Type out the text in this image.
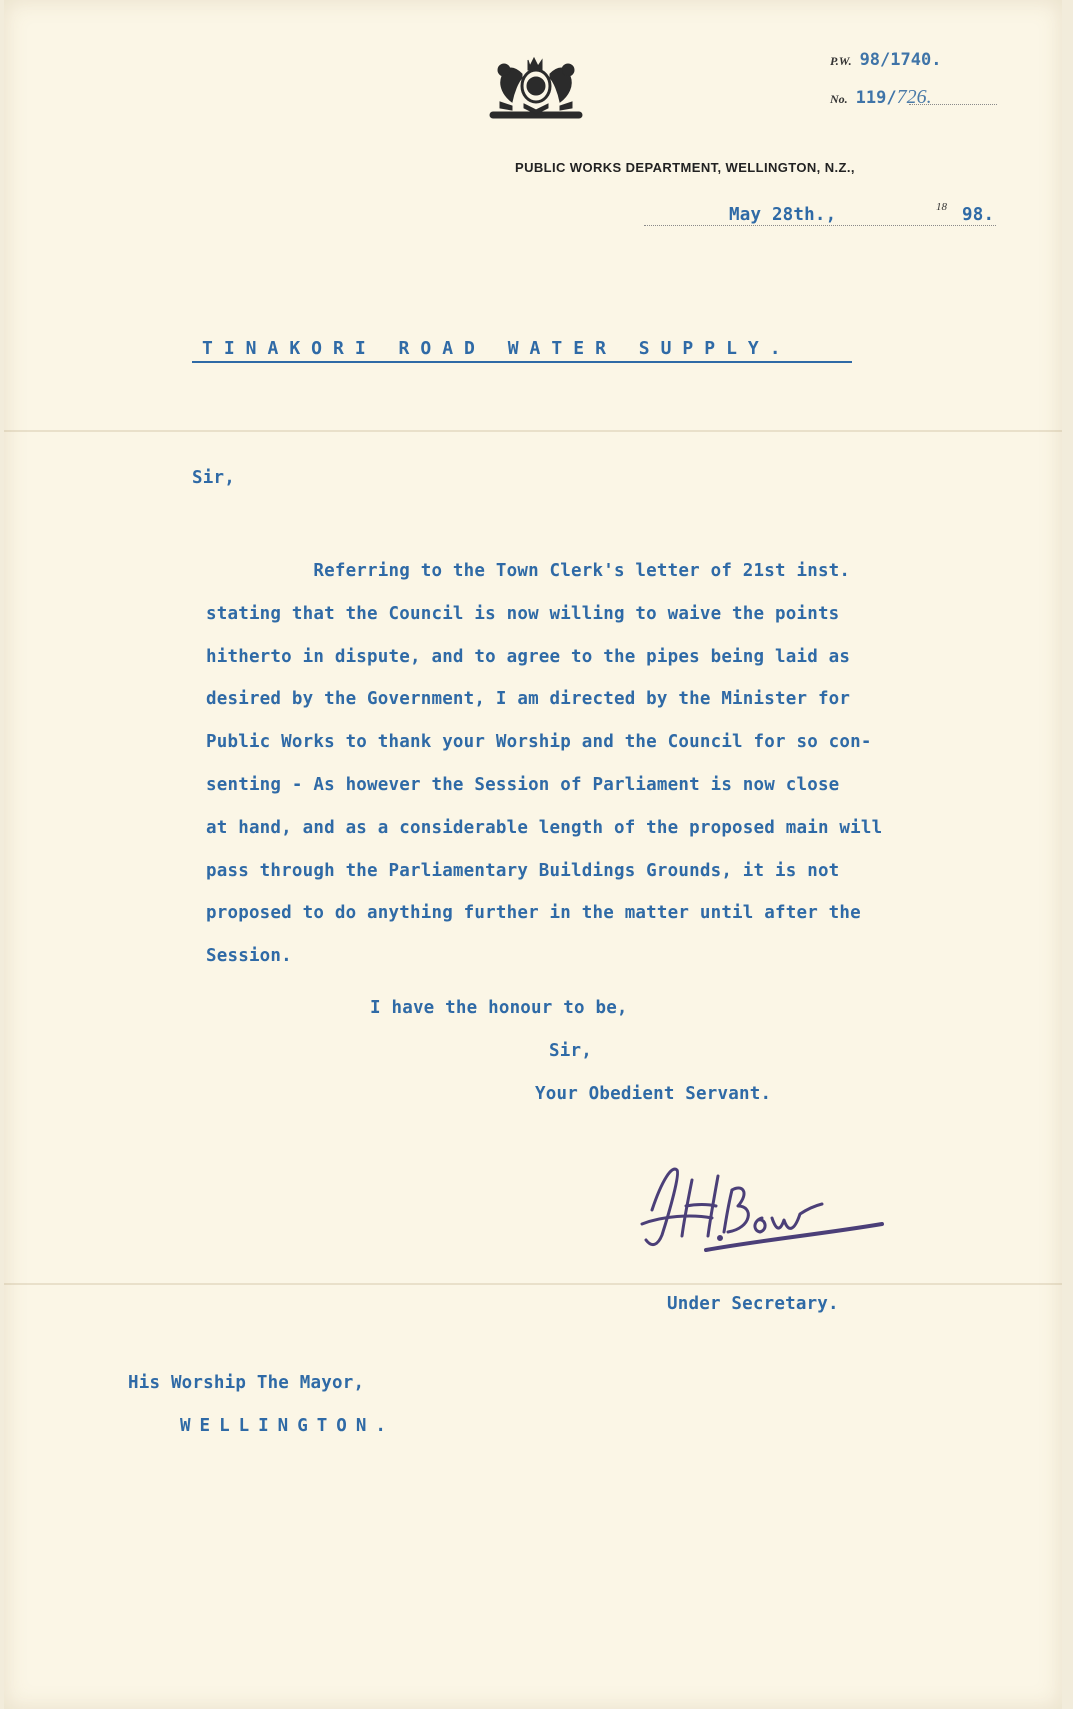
P.W. 98/1740.
No. 119/726.
PUBLIC WORKS DEPARTMENT, WELLINGTON, N.Z.,
May 28th.,	18 98.
TINAKORI ROAD WATER SUPPLY.
Sir,
Referring to the Town Clerk's letter of 21st inst.
stating that the Council is now willing to waive the points
hitherto in dispute, and to agree to the pipes being laid as
desired by the Government, I am directed by the Minister for
Public Works to thank your Worship and the Council for so con-
senting - As however the Session of Parliament is now close
at hand, and as a considerable length of the proposed main will
pass through the Parliamentary Buildings Grounds, it is not
proposed to do anything further in the matter until after the
Session.
I have the honour to be,
Sir,
Your Obedient Servant.
Under Secretary.
His Worship The Mayor,
WELLINGTON.
